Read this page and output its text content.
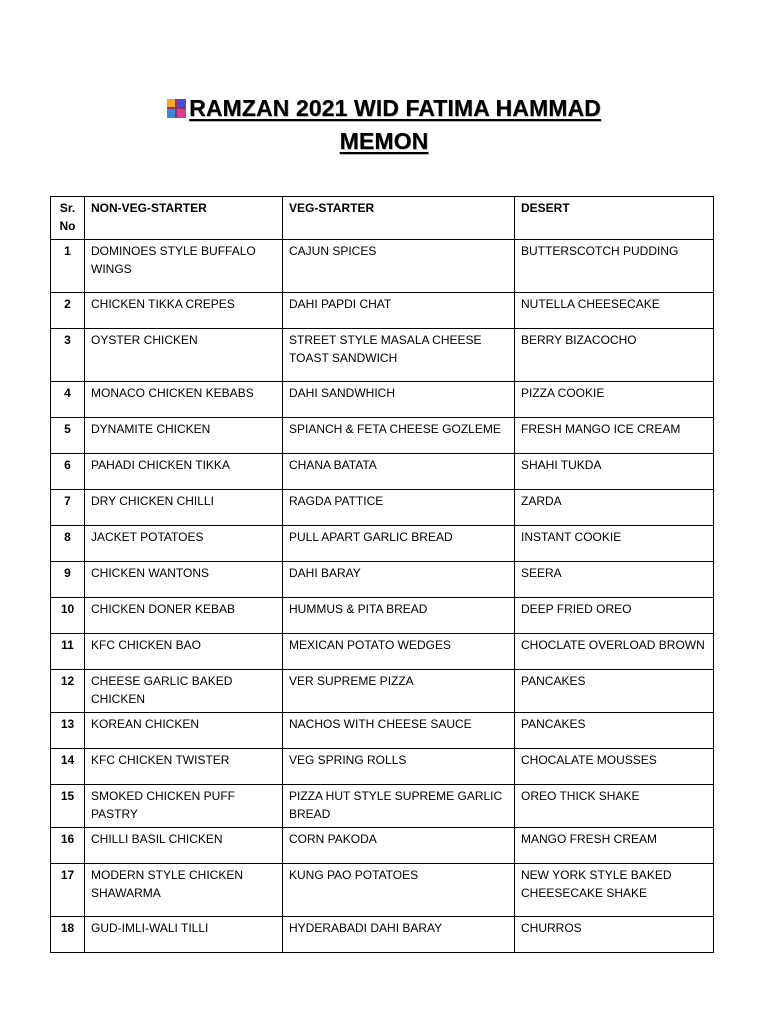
RAMZAN 2021 WID FATIMA HAMMAD
MEMON
Sr. No	NON-VEG-STARTER	VEG-STARTER	DESERT
1	DOMINOES STYLE BUFFALO WINGS	CAJUN SPICES	BUTTERSCOTCH PUDDING
2	CHICKEN TIKKA CREPES	DAHI PAPDI CHAT	NUTELLA CHEESECAKE
3	OYSTER CHICKEN	STREET STYLE MASALA CHEESE TOAST SANDWICH	BERRY BIZACOCHO
4	MONACO CHICKEN KEBABS	DAHI SANDWHICH	PIZZA COOKIE
5	DYNAMITE CHICKEN	SPIANCH & FETA CHEESE GOZLEME	FRESH MANGO ICE CREAM
6	PAHADI CHICKEN TIKKA	CHANA BATATA	SHAHI TUKDA
7	DRY CHICKEN CHILLI	RAGDA PATTICE	ZARDA
8	JACKET POTATOES	PULL APART GARLIC BREAD	INSTANT COOKIE
9	CHICKEN WANTONS	DAHI BARAY	SEERA
10	CHICKEN DONER KEBAB	HUMMUS & PITA BREAD	DEEP FRIED OREO
11	KFC CHICKEN BAO	MEXICAN POTATO WEDGES	CHOCLATE OVERLOAD BROWN
12	CHEESE GARLIC BAKED CHICKEN	VER SUPREME PIZZA	PANCAKES
13	KOREAN CHICKEN	NACHOS WITH CHEESE SAUCE	PANCAKES
14	KFC CHICKEN TWISTER	VEG SPRING ROLLS	CHOCALATE MOUSSES
15	SMOKED CHICKEN PUFF PASTRY	PIZZA HUT STYLE SUPREME GARLIC BREAD	OREO THICK SHAKE
16	CHILLI BASIL CHICKEN	CORN PAKODA	MANGO FRESH CREAM
17	MODERN STYLE CHICKEN SHAWARMA	KUNG PAO POTATOES	NEW YORK STYLE BAKED CHEESECAKE SHAKE
18	GUD-IMLI-WALI TILLI	HYDERABADI DAHI BARAY	CHURROS
